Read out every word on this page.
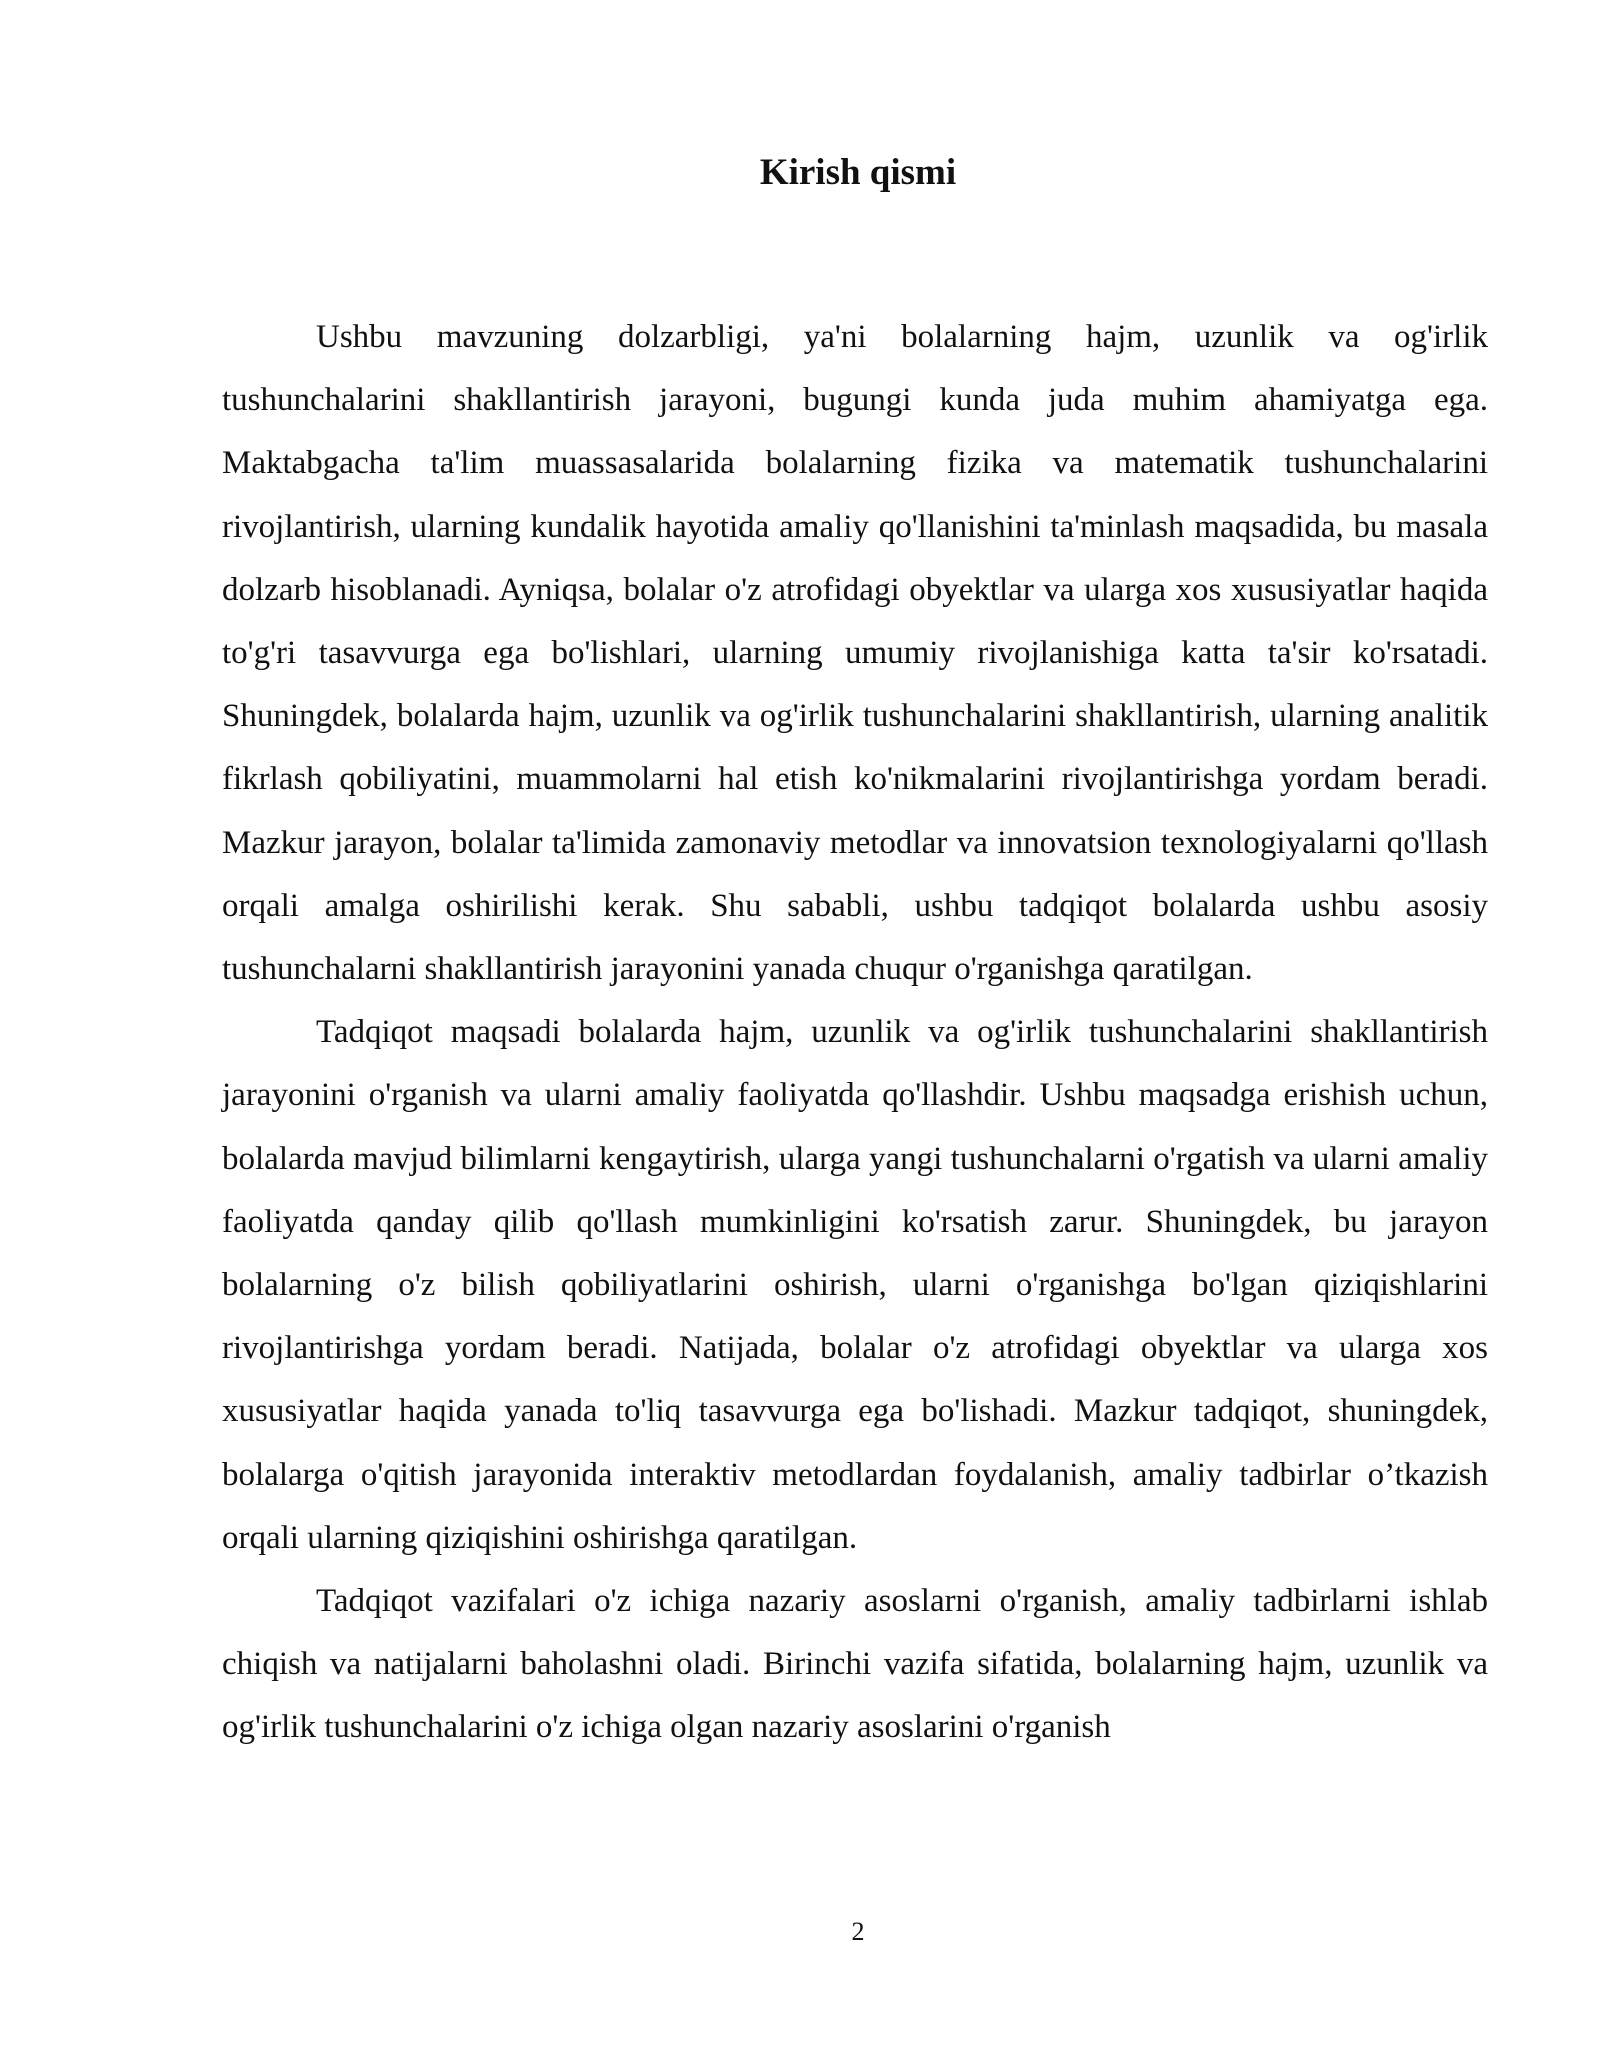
Kirish qismi

Ushbu mavzuning dolzarbligi, ya'ni bolalarning hajm, uzunlik va og'irlik tushunchalarini shakllantirish jarayoni, bugungi kunda juda muhim ahamiyatga ega. Maktabgacha ta'lim muassasalarida bolalarning fizika va matematik tushunchalarini rivojlantirish, ularning kundalik hayotida amaliy qo'llanishini ta'minlash maqsadida, bu masala dolzarb hisoblanadi. Ayniqsa, bolalar o'z atrofidagi obyektlar va ularga xos xususiyatlar haqida to'g'ri tasavvurga ega bo'lishlari, ularning umumiy rivojlanishiga katta ta'sir ko'rsatadi. Shuningdek, bolalarda hajm, uzunlik va og'irlik tushunchalarini shakllantirish, ularning analitik fikrlash qobiliyatini, muammolarni hal etish ko'nikmalarini rivojlantirishga yordam beradi. Mazkur jarayon, bolalar ta'limida zamonaviy metodlar va innovatsion texnologiyalarni qo'llash orqali amalga oshirilishi kerak. Shu sababli, ushbu tadqiqot bolalarda ushbu asosiy tushunchalarni shakllantirish jarayonini yanada chuqur o'rganishga qaratilgan.

Tadqiqot maqsadi bolalarda hajm, uzunlik va og'irlik tushunchalarini shakllantirish jarayonini o'rganish va ularni amaliy faoliyatda qo'llashdir. Ushbu maqsadga erishish uchun, bolalarda mavjud bilimlarni kengaytirish, ularga yangi tushunchalarni o'rgatish va ularni amaliy faoliyatda qanday qilib qo'llash mumkinligini ko'rsatish zarur. Shuningdek, bu jarayon bolalarning o'z bilish qobiliyatlarini oshirish, ularni o'rganishga bo'lgan qiziqishlarini rivojlantirishga yordam beradi. Natijada, bolalar o'z atrofidagi obyektlar va ularga xos xususiyatlar haqida yanada to'liq tasavvurga ega bo'lishadi. Mazkur tadqiqot, shuningdek, bolalarga o'qitish jarayonida interaktiv metodlardan foydalanish, amaliy tadbirlar o’tkazish orqali ularning qiziqishini oshirishga qaratilgan.

Tadqiqot vazifalari o'z ichiga nazariy asoslarni o'rganish, amaliy tadbirlarni ishlab chiqish va natijalarni baholashni oladi. Birinchi vazifa sifatida, bolalarning hajm, uzunlik va og'irlik tushunchalarini o'z ichiga olgan nazariy asoslarini o'rganish

2
